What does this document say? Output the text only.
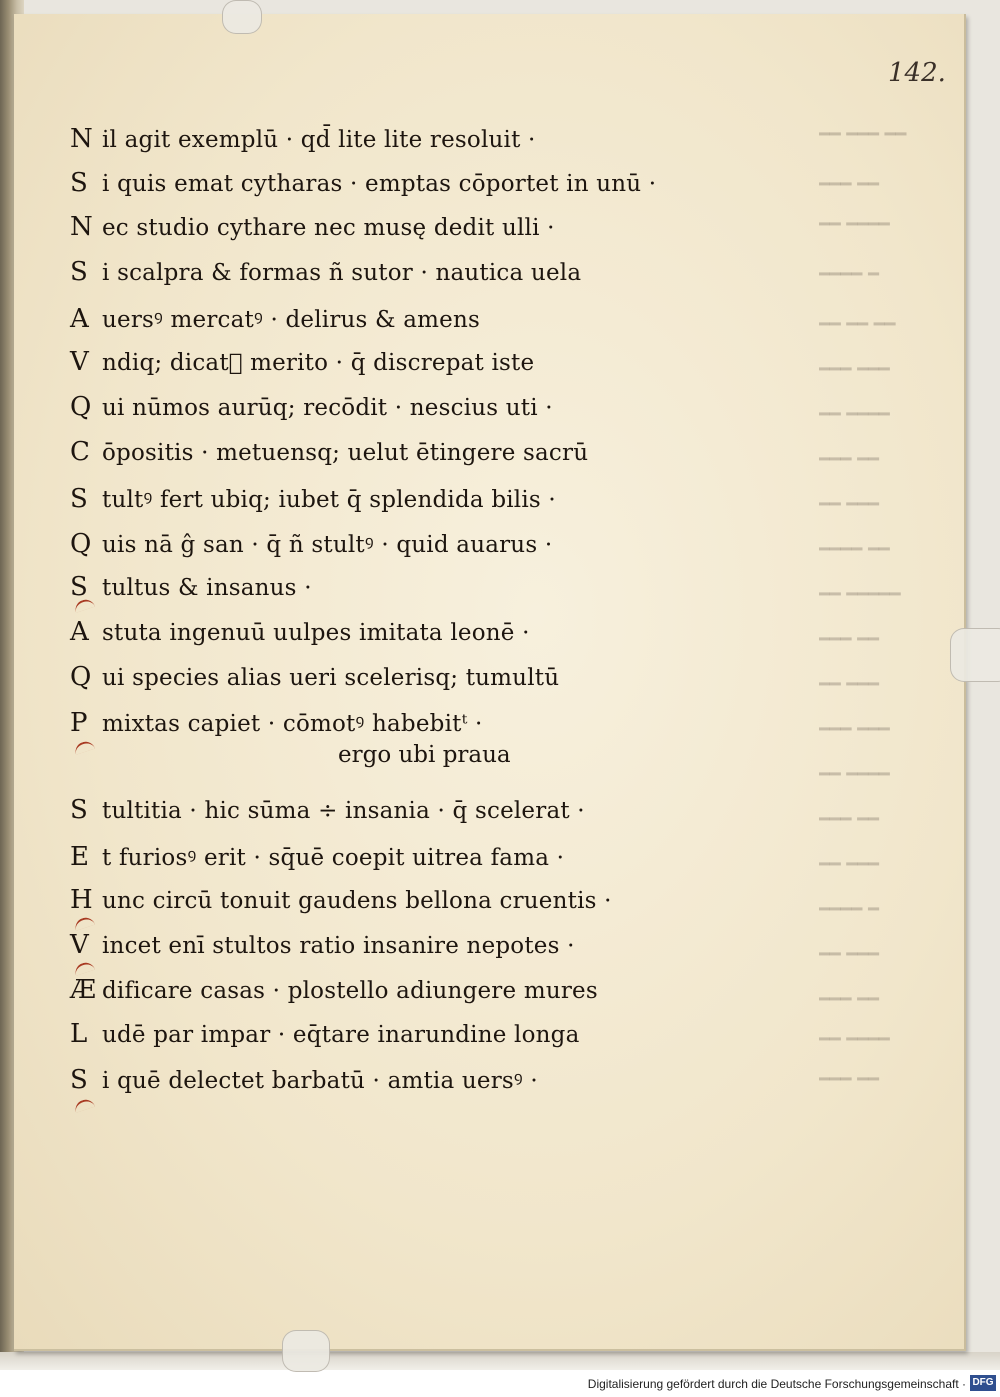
━━ ━━━ ━━
━━━ ━━
━━ ━━━━
━━━━ ━
━━ ━━ ━━
━━━ ━━━
━━ ━━━━
━━━ ━━
━━ ━━━
━━━━ ━━
━━ ━━━━━
━━━ ━━
━━ ━━━
━━━ ━━━
━━ ━━━━
━━━ ━━
━━ ━━━
━━━━ ━
━━ ━━━
━━━ ━━
━━ ━━━━
━━━ ━━
142.
N il agit exemplū · qd̄ lite lite resoluit ·
S i quis emat cytharas · emptas cōportet in unū ·
N ec studio cythare nec musę dedit ulli ·
S i scalpra & formas ñ sutor · nautica uela
A uersꝰ mercatꝰ · delirus & amens
V ndiq; dicatᷣ merito · q̄ discrepat iste
Q ui nūmos aurūq; recōdit · nescius uti ·
C ōpositis · metuensq; uelut ētingere sacrū
S tultꝰ fert ubiq; iubet q̄ splendida bilis ·
Q uis nā ĝ san · q̄ ñ stultꝰ · quid auarus ·
S tultus & insanus ·
A stuta ingenuū uulpes imitata leonē ·
Q ui species alias ueri scelerisq; tumultū
P mixtas capiet · cōmotꝰ habebitᵗ ·
ergo ubi praua
S tultitia · hic sūma ÷ insania · q̄ scelerat ·
E t furiosꝰ erit · sq̄uē coepit uitrea fama ·
H unc circū tonuit gaudens bellona cruentis ·
V incet enī stultos ratio insanire nepotes ·
Æ dificare casas · plostello adiungere mures
L udē par impar · eq̄tare inarundine longa
S i quē delectet barbatū · amtia uersꝰ ·
Digitalisierung gefördert durch die Deutsche Forschungsgemeinschaft · DFG
